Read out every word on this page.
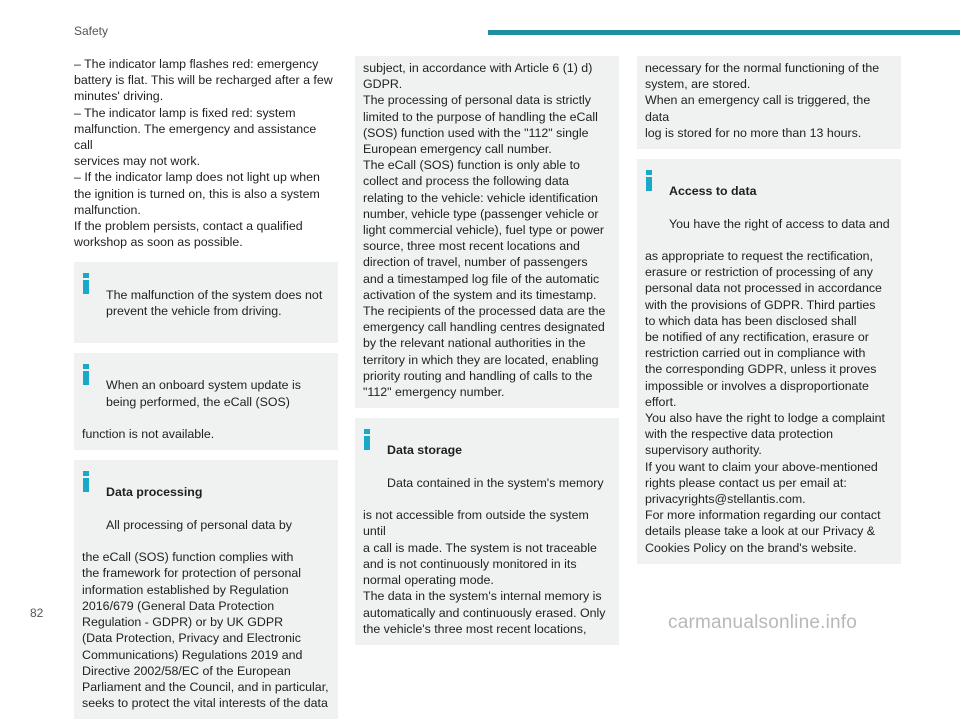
Safety
– The indicator lamp flashes red: emergency
battery is flat. This will be recharged after a few
minutes' driving.
– The indicator lamp is fixed red: system
malfunction. The emergency and assistance call
services may not work.
– If the indicator lamp does not light up when
the ignition is turned on, this is also a system
malfunction.
If the problem persists, contact a qualified
workshop as soon as possible.

The malfunction of the system does not
prevent the vehicle from driving.

When an onboard system update is
being performed, the eCall (SOS)

function is not available.

Data processing

All processing of personal data by

the eCall (SOS) function complies with
the framework for protection of personal
information established by Regulation
2016/679 (General Data Protection
Regulation - GDPR) or by UK GDPR
(Data Protection, Privacy and Electronic
Communications) Regulations 2019 and
Directive 2002/58/EC of the European
Parliament and the Council, and in particular,
seeks to protect the vital interests of the data

subject, in accordance with Article 6 (1) d)
GDPR.
The processing of personal data is strictly
limited to the purpose of handling the eCall
(SOS) function used with the "112" single
European emergency call number.
The eCall (SOS) function is only able to
collect and process the following data
relating to the vehicle: vehicle identification
number, vehicle type (passenger vehicle or
light commercial vehicle), fuel type or power
source, three most recent locations and
direction of travel, number of passengers
and a timestamped log file of the automatic
activation of the system and its timestamp.
The recipients of the processed data are the
emergency call handling centres designated
by the relevant national authorities in the
territory in which they are located, enabling
priority routing and handling of calls to the
"112" emergency number.

Data storage

Data contained in the system's memory

is not accessible from outside the system until
a call is made. The system is not traceable
and is not continuously monitored in its
normal operating mode.
The data in the system's internal memory is
automatically and continuously erased. Only
the vehicle's three most recent locations,

necessary for the normal functioning of the
system, are stored.
When an emergency call is triggered, the data
log is stored for no more than 13 hours.

Access to data

You have the right of access to data and

as appropriate to request the rectification,
erasure or restriction of processing of any
personal data not processed in accordance
with the provisions of GDPR. Third parties
to which data has been disclosed shall
be notified of any rectification, erasure or
restriction carried out in compliance with
the corresponding GDPR, unless it proves
impossible or involves a disproportionate
effort.
You also have the right to lodge a complaint
with the respective data protection
supervisory authority.
If you want to claim your above-mentioned
rights please contact us per email at:
privacyrights@stellantis.com.
For more information regarding our contact
details please take a look at our Privacy &
Cookies Policy on the brand's website.

82	carmanualsonline.info
